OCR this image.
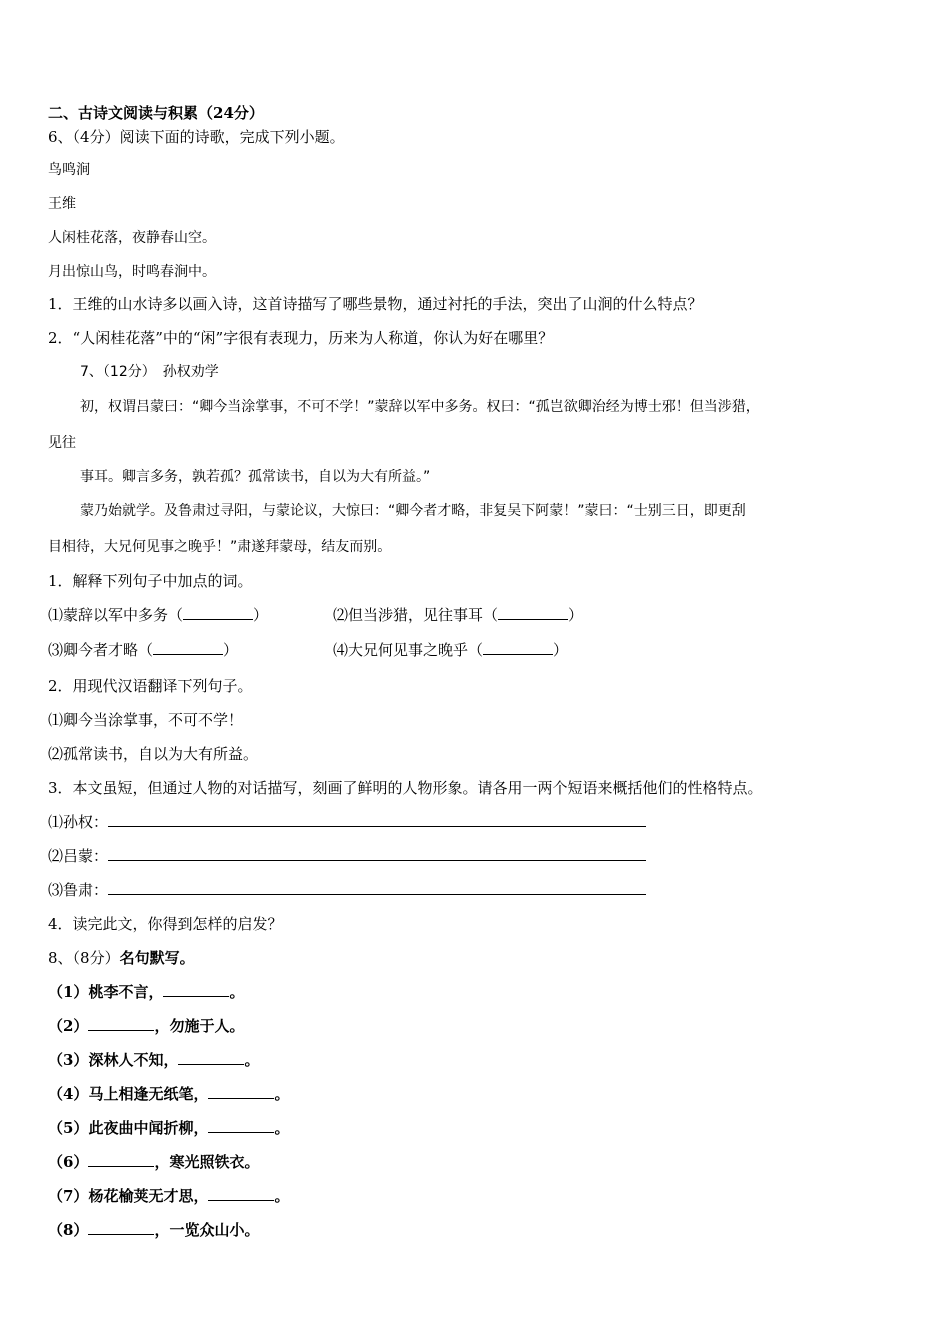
二、古诗文阅读与积累（24分）
6、（4分）阅读下面的诗歌，完成下列小题。
鸟鸣涧
王维
人闲桂花落，夜静春山空。
月出惊山鸟，时鸣春涧中。
1．王维的山水诗多以画入诗，这首诗描写了哪些景物，通过衬托的手法，突出了山涧的什么特点？
2．“人闲桂花落”中的“闲”字很有表现力，历来为人称道，你认为好在哪里？
7、（12分）　孙权劝学
初，权谓吕蒙曰：“卿今当涂掌事，不可不学！”蒙辞以军中多务。权曰：“孤岂欲卿治经为博士邪！但当涉猎，
见往
事耳。卿言多务，孰若孤？孤常读书，自以为大有所益。”
蒙乃始就学。及鲁肃过寻阳，与蒙论议，大惊曰：“卿今者才略，非复吴下阿蒙！”蒙曰：“士别三日，即更刮
目相待，大兄何见事之晚乎！”肃遂拜蒙母，结友而别。
1．解释下列句子中加点的词。
⑴蒙辞以军中多务（	）	⑵但当涉猎，见往事耳（	）
⑶卿今者才略（	）	⑷大兄何见事之晚乎（	）
2．用现代汉语翻译下列句子。
⑴卿今当涂掌事，不可不学！
⑵孤常读书，自以为大有所益。
3．本文虽短，但通过人物的对话描写，刻画了鲜明的人物形象。请各用一两个短语来概括他们的性格特点。
⑴孙权：
⑵吕蒙：
⑶鲁肃：
4．读完此文，你得到怎样的启发？
8、（8分）名句默写。
（1）桃李不言，	。
（2）	，勿施于人。
（3）深林人不知，	。
（4）马上相逢无纸笔，	。
（5）此夜曲中闻折柳，	。
（6）	，寒光照铁衣。
（7）杨花榆荚无才思，	。
（8）	，一览众山小。
